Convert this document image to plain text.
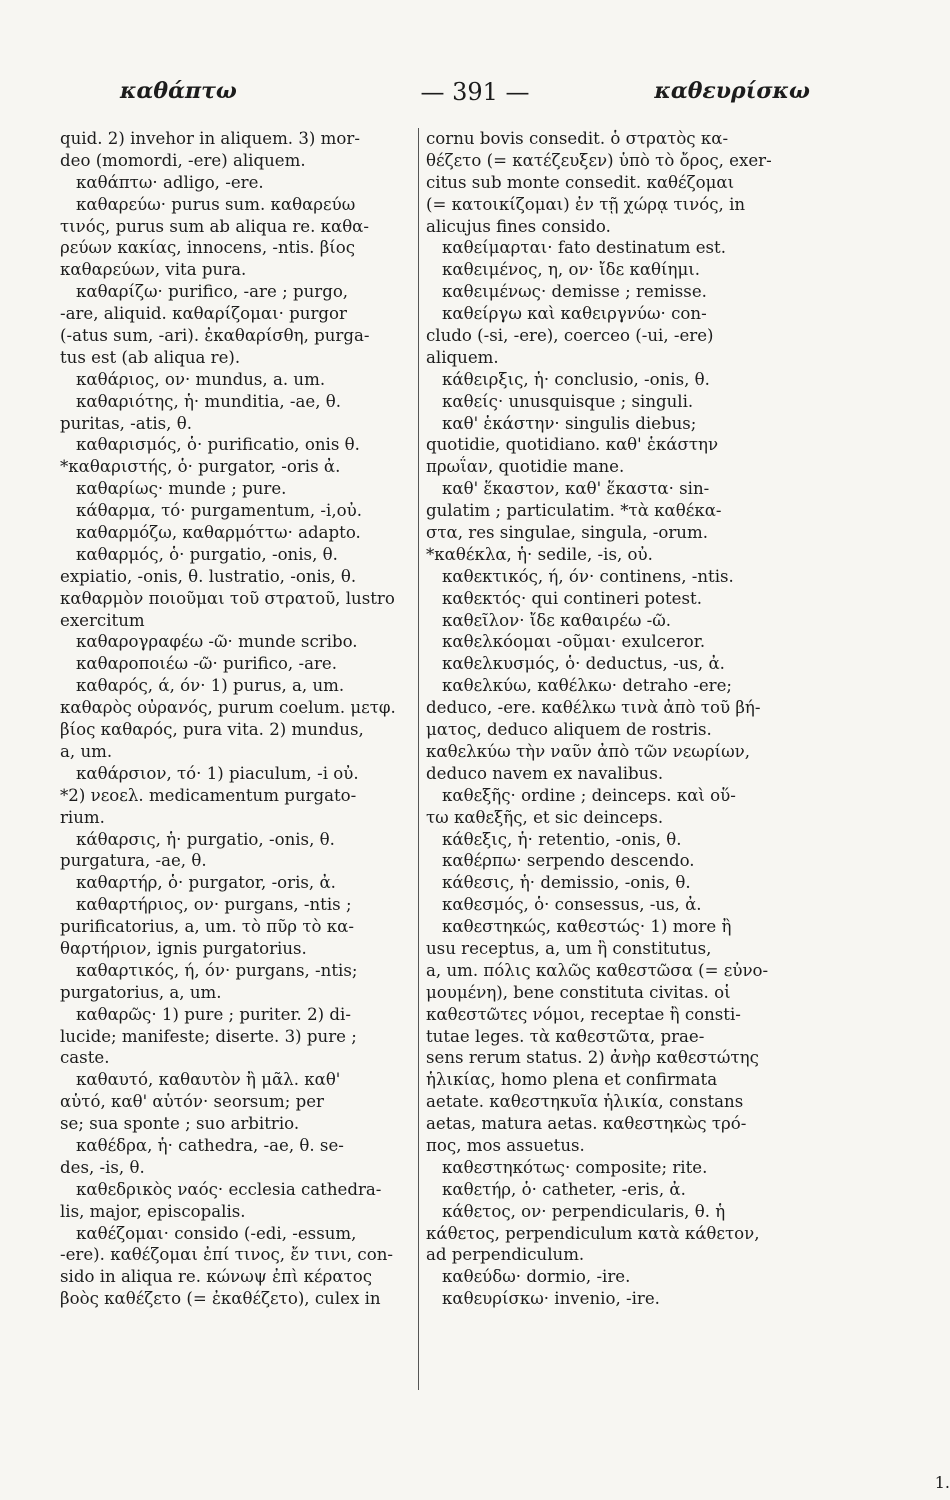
καθάπτω	— 391 —	καθευρίσκω
quid. 2) invehor in aliquem. 3) mor-
deo (momordi, -ere) aliquem.
καθάπτω· adligo, -ere.
καθαρεύω· purus sum. καθαρεύω
τινός, purus sum ab aliqua re. καθα-
ρεύων κακίας, innocens, -ntis. βίος
καθαρεύων, vita pura.
καθαρίζω· purifico, -are ; purgo,
-are, aliquid. καθαρίζομαι· purgor
(-atus sum, -ari). ἐκαθαρίσθη, purga-
tus est (ab aliqua re).
καθάριος, ον· mundus, a. um.
καθαριότης, ἡ· munditia, -ae, θ.
puritas, -atis, θ.
καθαρισμός, ὁ· purificatio, onis θ.
*καθαριστής, ὁ· purgator, -oris ἀ.
καθαρίως· munde ; pure.
κάθαρμα, τό· purgamentum, -i,οὐ.
καθαρμόζω, καθαρμόττω· adapto.
καθαρμός, ὁ· purgatio, -onis, θ.
expiatio, -onis, θ. lustratio, -onis, θ.
καθαρμὸν ποιοῦμαι τοῦ στρατοῦ, lustro
exercitum
καθαρογραφέω -ῶ· munde scribo.
καθαροποιέω -ῶ· purifico, -are.
καθαρός, ά, όν· 1) purus, a, um.
καθαρὸς οὐρανός, purum coelum. μετφ.
βίος καθαρός, pura vita. 2) mundus,
a, um.
καθάρσιον, τό· 1) piaculum, -i οὐ.
*2) νεοελ. medicamentum purgato-
rium.
κάθαρσις, ἡ· purgatio, -onis, θ.
purgatura, -ae, θ.
καθαρτήρ, ὁ· purgator, -oris, ἀ.
καθαρτήριος, ον· purgans, -ntis ;
purificatorius, a, um. τὸ πῦρ τὸ κα-
θαρτήριον, ignis purgatorius.
καθαρτικός, ή, όν· purgans, -ntis;
purgatorius, a, um.
καθαρῶς· 1) pure ; puriter. 2) di-
lucide; manifeste; diserte. 3) pure ;
caste.
καθαυτό, καθαυτὸν ἢ μᾶλ. καθ'
αὑτό, καθ' αὑτόν· seorsum; per
se; sua sponte ; suo arbitrio.
καθέδρα, ἡ· cathedra, -ae, θ. se-
des, -is, θ.
καθεδρικὸς ναός· ecclesia cathedra-
lis, major, episcopalis.
καθέζομαι· consido (-edi, -essum,
-ere). καθέζομαι ἐπί τινος, ἔν τινι, con-
sido in aliqua re. κώνωψ ἐπὶ κέρατος
βοὸς καθέζετο (= ἐκαθέζετο), culex in
cornu bovis consedit. ὁ στρατὸς κα-
θέζετο (= κατέζευξεν) ὑπὸ τὸ ὄρος, exer-
citus sub monte consedit. καθέζομαι
(= κατοικίζομαι) ἐν τῇ χώρᾳ τινός, in
alicujus fines consido.
καθείμαρται· fato destinatum est.
καθειμένος, η, ον· ἴδε καθίημι.
καθειμένως· demisse ; remisse.
καθείργω καὶ καθειργνύω· con-
cludo (-si, -ere), coerceo (-ui, -ere)
aliquem.
κάθειρξις, ἡ· conclusio, -onis, θ.
καθείς· unusquisque ; singuli.
καθ' ἑκάστην· singulis diebus;
quotidie, quotidiano. καθ' ἑκάστην
πρωΐαν, quotidie mane.
καθ' ἕκαστον, καθ' ἕκαστα· sin-
gulatim ; particulatim. *τὰ καθέκα-
στα, res singulae, singula, -orum.
*καθέκλα, ἡ· sedile, -is, οὐ.
καθεκτικός, ή, όν· continens, -ntis.
καθεκτός· qui contineri potest.
καθεῖλον· ἴδε καθαιρέω -ῶ.
καθελκόομαι -οῦμαι· exulceror.
καθελκυσμός, ὁ· deductus, -us, ἀ.
καθελκύω, καθέλκω· detraho -ere;
deduco, -ere. καθέλκω τινὰ ἀπὸ τοῦ βή-
ματος, deduco aliquem de rostris.
καθελκύω τὴν ναῦν ἀπὸ τῶν νεωρίων,
deduco navem ex navalibus.
καθεξῆς· ordine ; deinceps. καὶ οὕ-
τω καθεξῆς, et sic deinceps.
κάθεξις, ἡ· retentio, -onis, θ.
καθέρπω· serpendo descendo.
κάθεσις, ἡ· demissio, -onis, θ.
καθεσμός, ὁ· consessus, -us, ἀ.
καθεστηκώς, καθεστώς· 1) more ἢ
usu receptus, a, um ἢ constitutus,
a, um. πόλις καλῶς καθεστῶσα (= εὐνο-
μουμένη), bene constituta civitas. οἱ
καθεστῶτες νόμοι, receptae ἢ consti-
tutae leges. τὰ καθεστῶτα, prae-
sens rerum status. 2) ἀνὴρ καθεστώτης
ἡλικίας, homo plena et confirmata
aetate. καθεστηκυῖα ἡλικία, constans
aetas, matura aetas. καθεστηκὼς τρό-
πος, mos assuetus.
καθεστηκότως· composite; rite.
καθετήρ, ὁ· catheter, -eris, ἀ.
κάθετος, ον· perpendicularis, θ. ἡ
κάθετος, perpendiculum κατὰ κάθετον,
ad perpendiculum.
καθεύδω· dormio, -ire.
καθευρίσκω· invenio, -ire.
1.
